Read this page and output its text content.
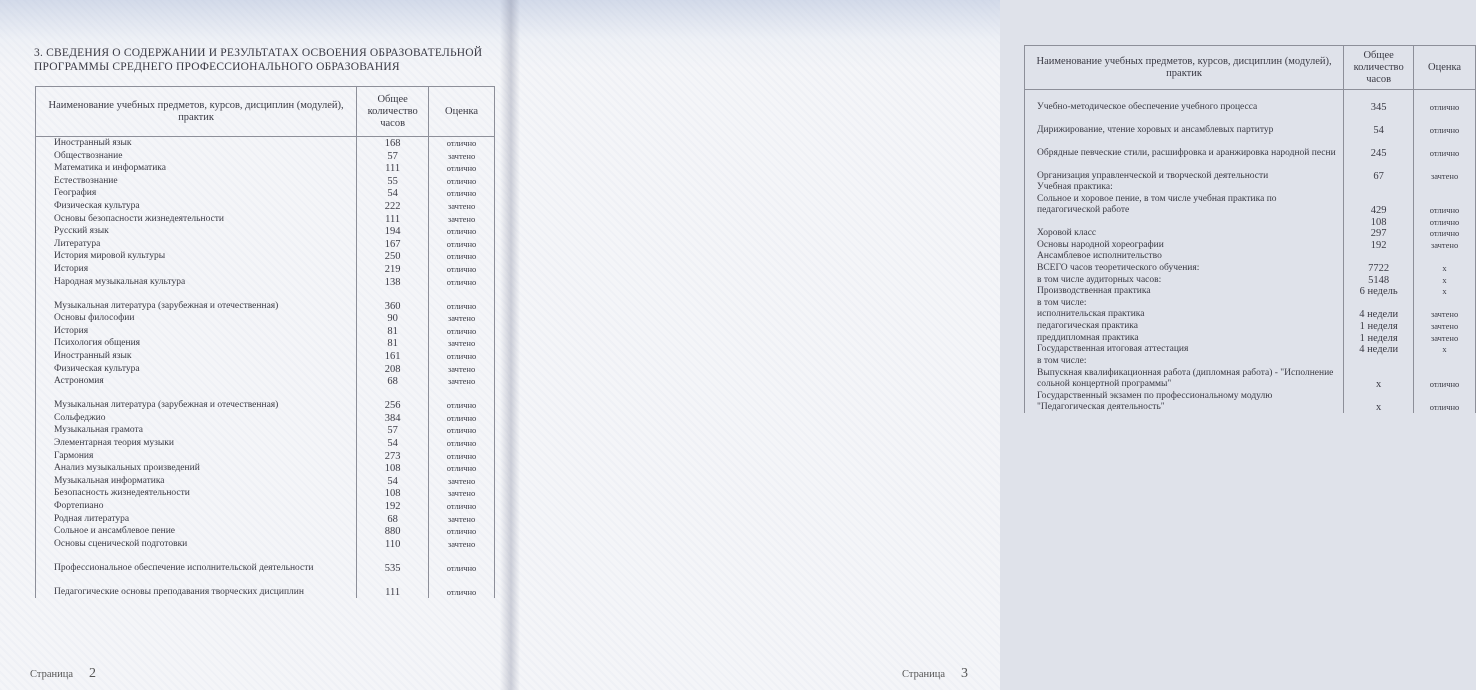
3. СВЕДЕНИЯ О СОДЕРЖАНИИ И РЕЗУЛЬТАТАХ ОСВОЕНИЯ ОБРАЗОВАТЕЛЬНОЙ ПРОГРАММЫ СРЕДНЕГО ПРОФЕССИОНАЛЬНОГО ОБРАЗОВАНИЯ
Наименование учебных предметов, курсов, дисциплин (модулей), практик	Общее количество часов	Оценка
Иностранный язык	168	отлично
Обществознание	57	зачтено
Математика и информатика	111	отлично
Естествознание	55	отлично
География	54	отлично
Физическая культура	222	зачтено
Основы безопасности жизнедеятельности	111	зачтено
Русский язык	194	отлично
Литература	167	отлично
История мировой культуры	250	отлично
История	219	отлично
Народная музыкальная культура	138	отлично
Музыкальная литература (зарубежная и отечественная)	360	отлично
Основы философии	90	зачтено
История	81	отлично
Психология общения	81	зачтено
Иностранный язык	161	отлично
Физическая культура	208	зачтено
Астрономия	68	зачтено
Музыкальная литература (зарубежная и отечественная)	256	отлично
Сольфеджио	384	отлично
Музыкальная грамота	57	отлично
Элементарная теория музыки	54	отлично
Гармония	273	отлично
Анализ музыкальных произведений	108	отлично
Музыкальная информатика	54	зачтено
Безопасность жизнедеятельности	108	зачтено
Фортепиано	192	отлично
Родная литература	68	зачтено
Сольное и ансамблевое пение	880	отлично
Основы сценической подготовки	110	зачтено
Профессиональное обеспечение исполнительской деятельности	535	отлично
Педагогические основы преподавания творческих дисциплин	111	отлично
Страница 2
Наименование учебных предметов, курсов, дисциплин (модулей), практик	Общее количество часов	Оценка
Учебно-методическое обеспечение учебного процесса	345	отлично
Дирижирование, чтение хоровых и ансамблевых партитур	54	отлично
Обрядные певческие стили, расшифровка и аранжировка народной песни	245	отлично
Организация управленческой и творческой деятельности	67	зачтено
Учебная практика:		
Сольное и хоровое пение, в том числе учебная практика по педагогической работе	429	отлично
	108	отлично
Хоровой класс	297	отлично
Основы народной хореографии	192	зачтено
Ансамблевое исполнительство		
ВСЕГО часов теоретического обучения:	7722	x
в том числе аудиторных часов:	5148	x
Производственная практика	6 недель	x
в том числе:		
исполнительская практика	4 недели	зачтено
педагогическая практика	1 неделя	зачтено
преддипломная практика	1 неделя	зачтено
Государственная итоговая аттестация	4 недели	x
в том числе:		
Выпускная квалификационная работа (дипломная работа) - "Исполнение сольной концертной программы"	x	отлично
Государственный экзамен по профессиональному модулю "Педагогическая деятельность"	x	отлично
Страница 3
